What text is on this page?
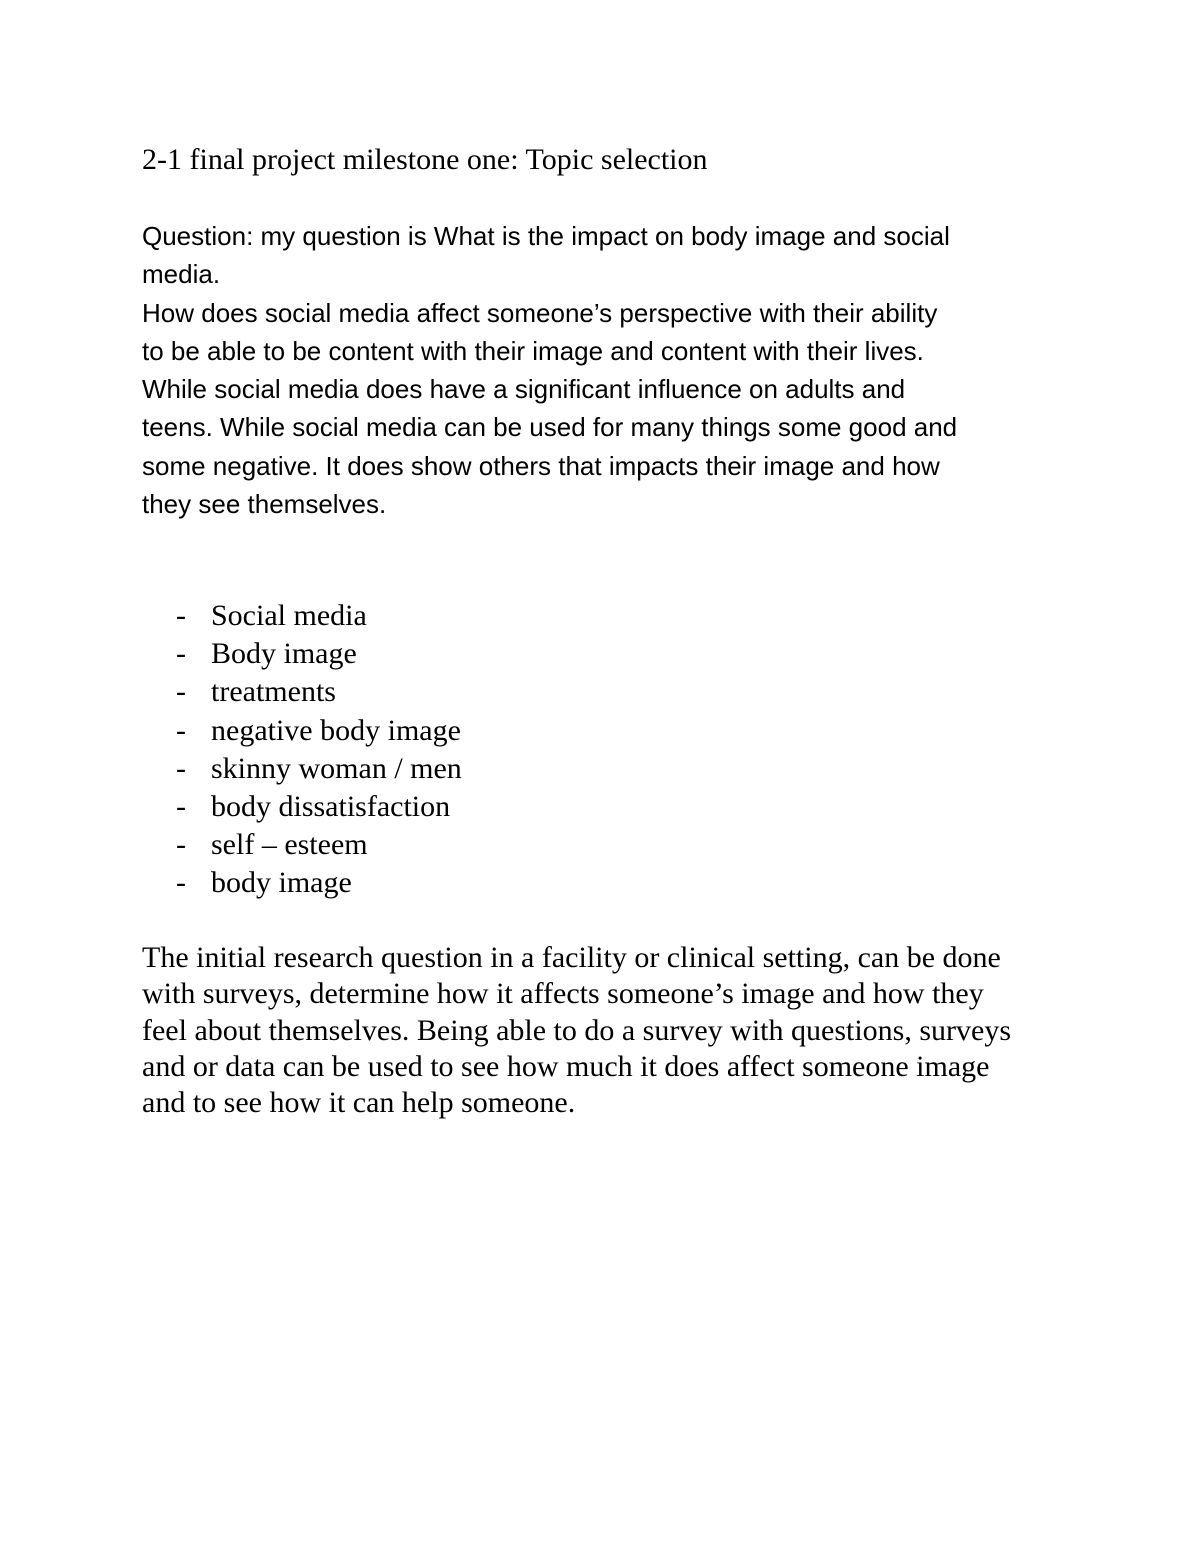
2-1 final project milestone one: Topic selection
Question: my question is What is the impact on body image and social
media.
How does social media affect someone’s perspective with their ability
to be able to be content with their image and content with their lives.
While social media does have a significant influence on adults and
teens. While social media can be used for many things some good and
some negative. It does show others that impacts their image and how
they see themselves.
- Social media
- Body image
- treatments
- negative body image
- skinny woman / men
- body dissatisfaction
- self – esteem
- body image
The initial research question in a facility or clinical setting, can be done
with surveys, determine how it affects someone’s image and how they
feel about themselves. Being able to do a survey with questions, surveys
and or data can be used to see how much it does affect someone image
and to see how it can help someone.
